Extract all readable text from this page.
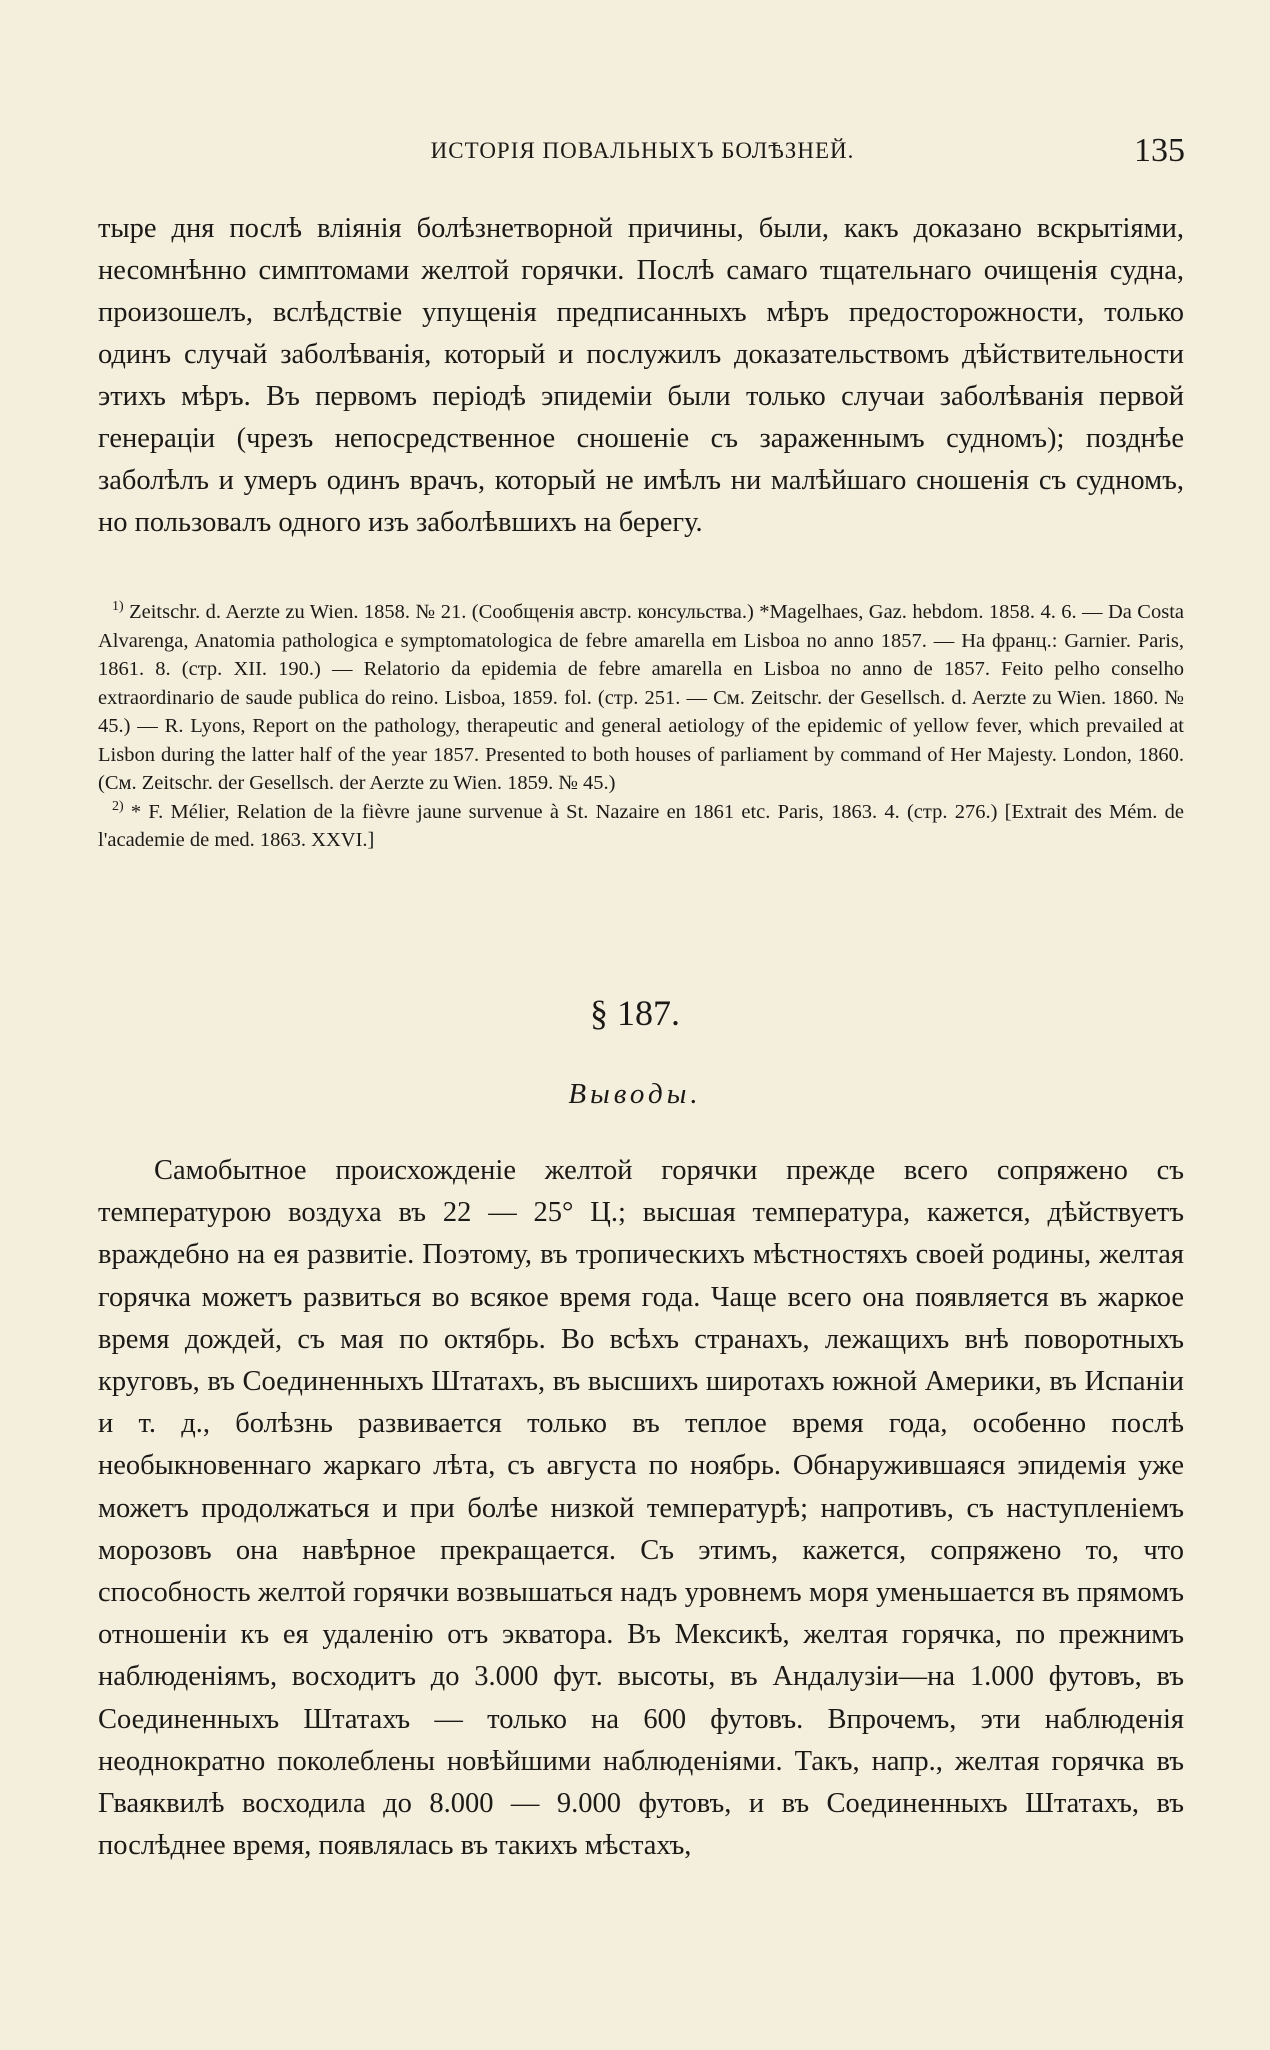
ИСТОРІЯ ПОВАЛЬНЫХЪ БОЛѢЗНЕЙ.	135

тыре дня послѣ вліянія болѣзнетворной причины, были, какъ доказано вскрытіями, несомнѣнно симптомами желтой горячки. Послѣ самаго тщательнаго очищенія судна, произошелъ, вслѣдствіе упущенія предписанныхъ мѣръ предосторожности, только одинъ случай заболѣванія, который и послужилъ доказательствомъ дѣйствительности этихъ мѣръ. Въ первомъ періодѣ эпидеміи были только случаи заболѣванія первой генераціи (чрезъ непосредственное сношеніе съ зараженнымъ судномъ); позднѣе заболѣлъ и умеръ одинъ врачъ, который не имѣлъ ни малѣйшаго сношенія съ судномъ, но пользовалъ одного изъ заболѣвшихъ на берегу.

$^{1)}$ Zeitschr. d. Aerzte zu Wien. 1858. № 21. (Сообщенія австр. консульства.) *Magelhaes, Gaz. hebdom. 1858. 4. 6. — Da Costa Alvarenga, Anatomia pathologica e symptomatologica de febre amarella em Lisboa no anno 1857. — На франц.: Garnier. Paris, 1861. 8. (стр. XII. 190.) — Relatorio da epidemia de febre amarella en Lisboa no anno de 1857. Feito pelho conselho extraordinario de saude publica do reino. Lisboa, 1859. fol. (стр. 251. — См. Zeitschr. der Gesellsch. d. Aerzte zu Wien. 1860. № 45.) — R. Lyons, Report on the pathology, therapeutic and general aetiology of the epidemic of yellow fever, which prevailed at Lisbon during the latter half of the year 1857. Presented to both houses of parliament by command of Her Majesty. London, 1860. (См. Zeitschr. der Gesellsch. der Aerzte zu Wien. 1859. № 45.)

$^{2)}$ * F. Mélier, Relation de la fièvre jaune survenue à St. Nazaire en 1861 etc. Paris, 1863. 4. (стр. 276.) [Extrait des Mém. de l'academie de med. 1863. XXVI.]

§ 187.
Выводы.

Самобытное происхожденіе желтой горячки прежде всего сопряжено съ температурою воздуха въ 22 — 25° Ц.; высшая температура, кажется, дѣйствуетъ враждебно на ея развитіе. Поэтому, въ тропическихъ мѣстностяхъ своей родины, желтая горячка можетъ развиться во всякое время года. Чаще всего она появляется въ жаркое время дождей, съ мая по октябрь. Во всѣхъ странахъ, лежащихъ внѣ поворотныхъ круговъ, въ Соединенныхъ Штатахъ, въ высшихъ широтахъ южной Америки, въ Испаніи и т. д., болѣзнь развивается только въ теплое время года, особенно послѣ необыкновеннаго жаркаго лѣта, съ августа по ноябрь. Обнаружившаяся эпидемія уже можетъ продолжаться и при болѣе низкой температурѣ; напротивъ, съ наступленіемъ морозовъ она навѣрное прекращается. Съ этимъ, кажется, сопряжено то, что способность желтой горячки возвышаться надъ уровнемъ моря уменьшается въ прямомъ отношеніи къ ея удаленію отъ экватора. Въ Мексикѣ, желтая горячка, по прежнимъ наблюденіямъ, восходитъ до 3.000 фут. высоты, въ Андалузіи—на 1.000 футовъ, въ Соединенныхъ Штатахъ — только на 600 футовъ. Впрочемъ, эти наблюденія неоднократно поколеблены новѣйшими наблюденіями. Такъ, напр., желтая горячка въ Гваяквилѣ восходила до 8.000 — 9.000 футовъ, и въ Соединенныхъ Штатахъ, въ послѣднее время, появлялась въ такихъ мѣстахъ,
